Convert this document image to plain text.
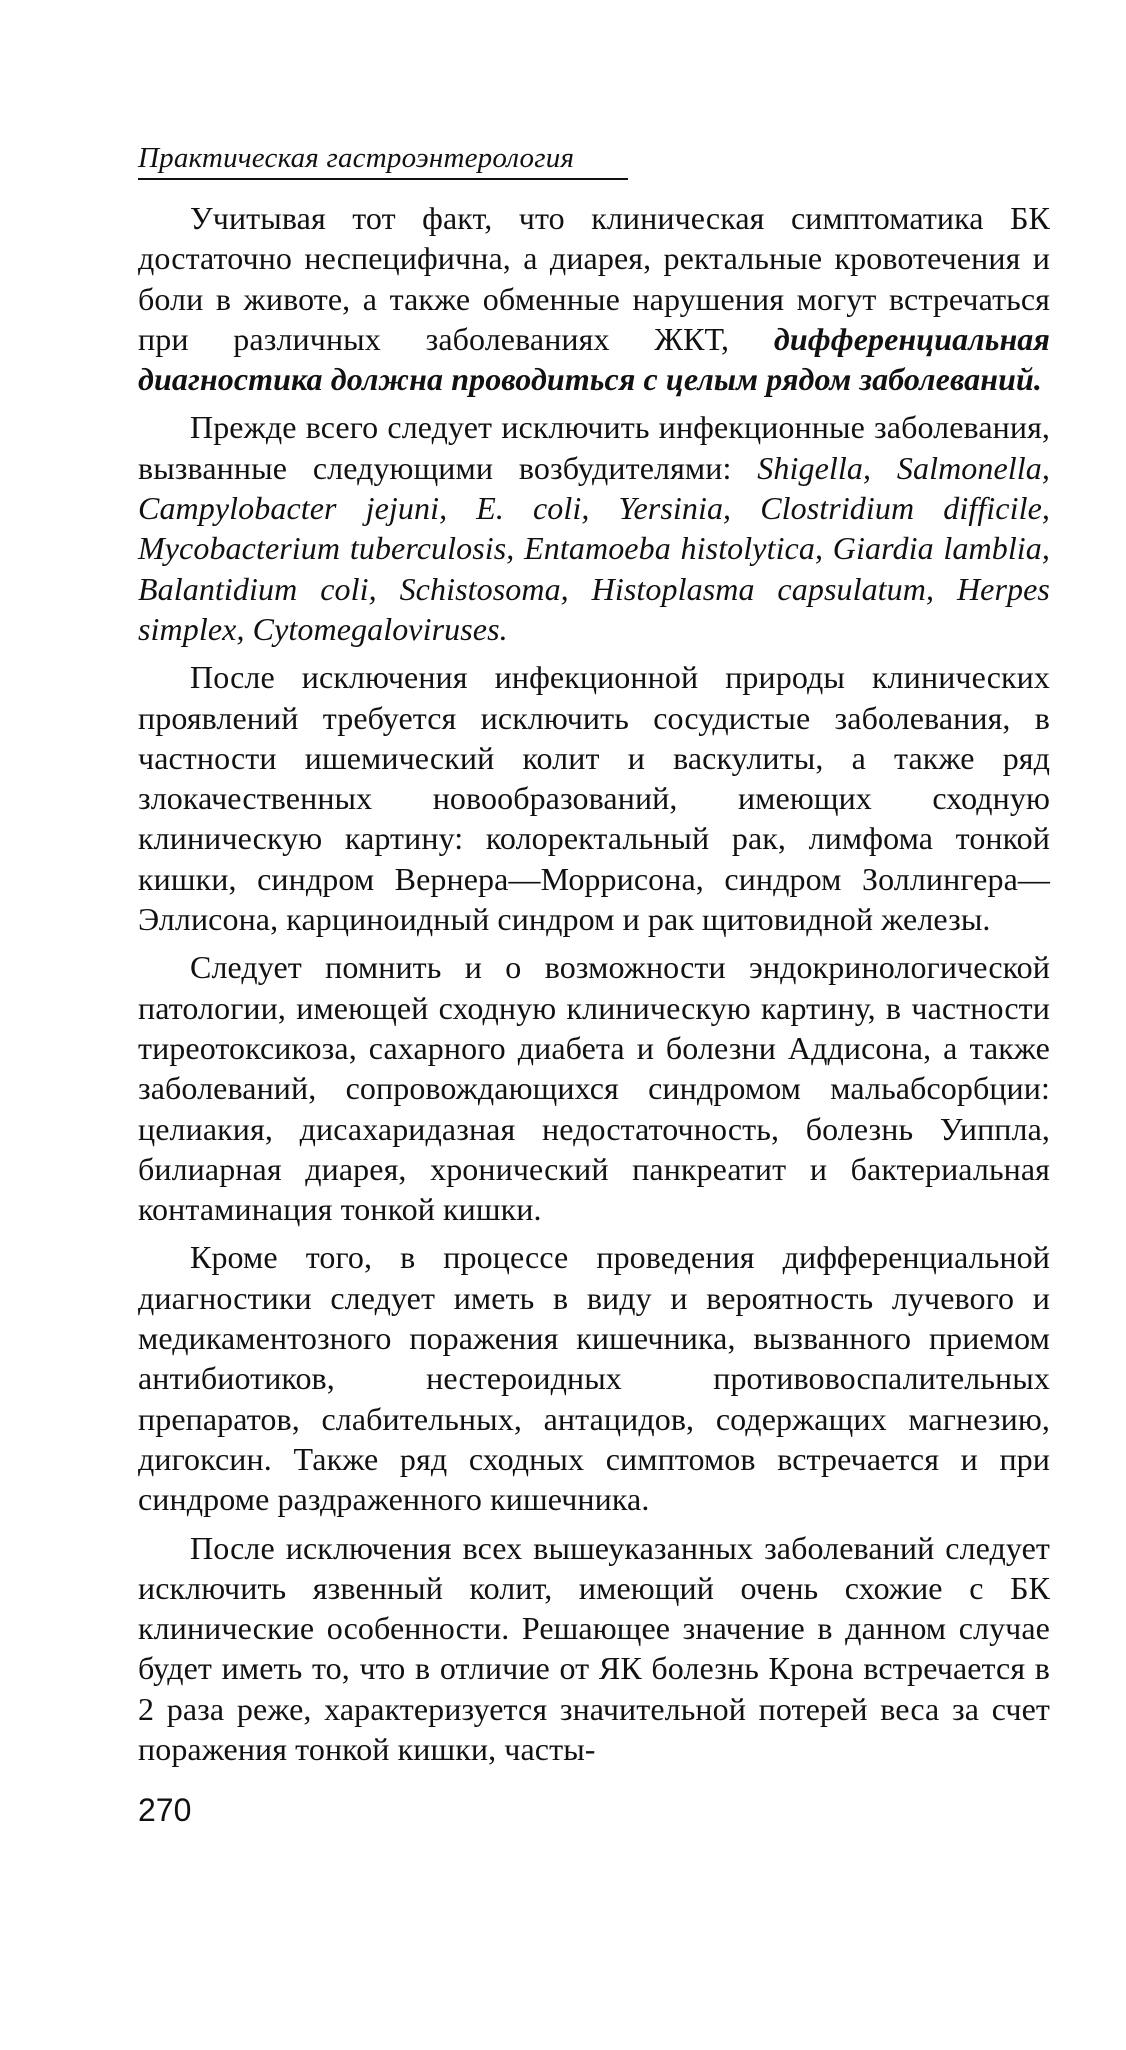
Практическая гастроэнтерология

Учитывая тот факт, что клиническая симптоматика БК достаточно неспецифична, а диарея, ректальные кровотечения и боли в животе, а также обменные нарушения могут встречаться при различных заболеваниях ЖКТ, дифференциальная диагностика должна проводиться с целым рядом заболеваний.

Прежде всего следует исключить инфекционные заболевания, вызванные следующими возбудителями: Shigella, Salmonella, Campylobacter jejuni, E. coli, Yersinia, Clostridium difficile, Mycobacterium tuberculosis, Entamoeba histolytica, Giardia lamblia, Balantidium coli, Schistosoma, Histoplasma capsulatum, Herpes simplex, Cytomegaloviruses.

После исключения инфекционной природы клинических проявлений требуется исключить сосудистые заболевания, в частности ишемический колит и васкулиты, а также ряд злокачественных новообразований, имеющих сходную клиническую картину: колоректальный рак, лимфома тонкой кишки, синдром Вернера—Моррисона, синдром Золлингера—Эллисона, карциноидный синдром и рак щитовидной железы.

Следует помнить и о возможности эндокринологической патологии, имеющей сходную клиническую картину, в частности тиреотоксикоза, сахарного диабета и болезни Аддисона, а также заболеваний, сопровождающихся синдромом мальабсорбции: целиакия, дисахаридазная недостаточность, болезнь Уиппла, билиарная диарея, хронический панкреатит и бактериальная контаминация тонкой кишки.

Кроме того, в процессе проведения дифференциальной диагностики следует иметь в виду и вероятность лучевого и медикаментозного поражения кишечника, вызванного приемом антибиотиков, нестероидных противовоспалительных препаратов, слабительных, антацидов, содержащих магнезию, дигоксин. Также ряд сходных симптомов встречается и при синдроме раздраженного кишечника.

После исключения всех вышеуказанных заболеваний следует исключить язвенный колит, имеющий очень схожие с БК клинические особенности. Решающее значение в данном случае будет иметь то, что в отличие от ЯК болезнь Крона встречается в 2 раза реже, характеризуется значительной потерей веса за счет поражения тонкой кишки, часты-

270
